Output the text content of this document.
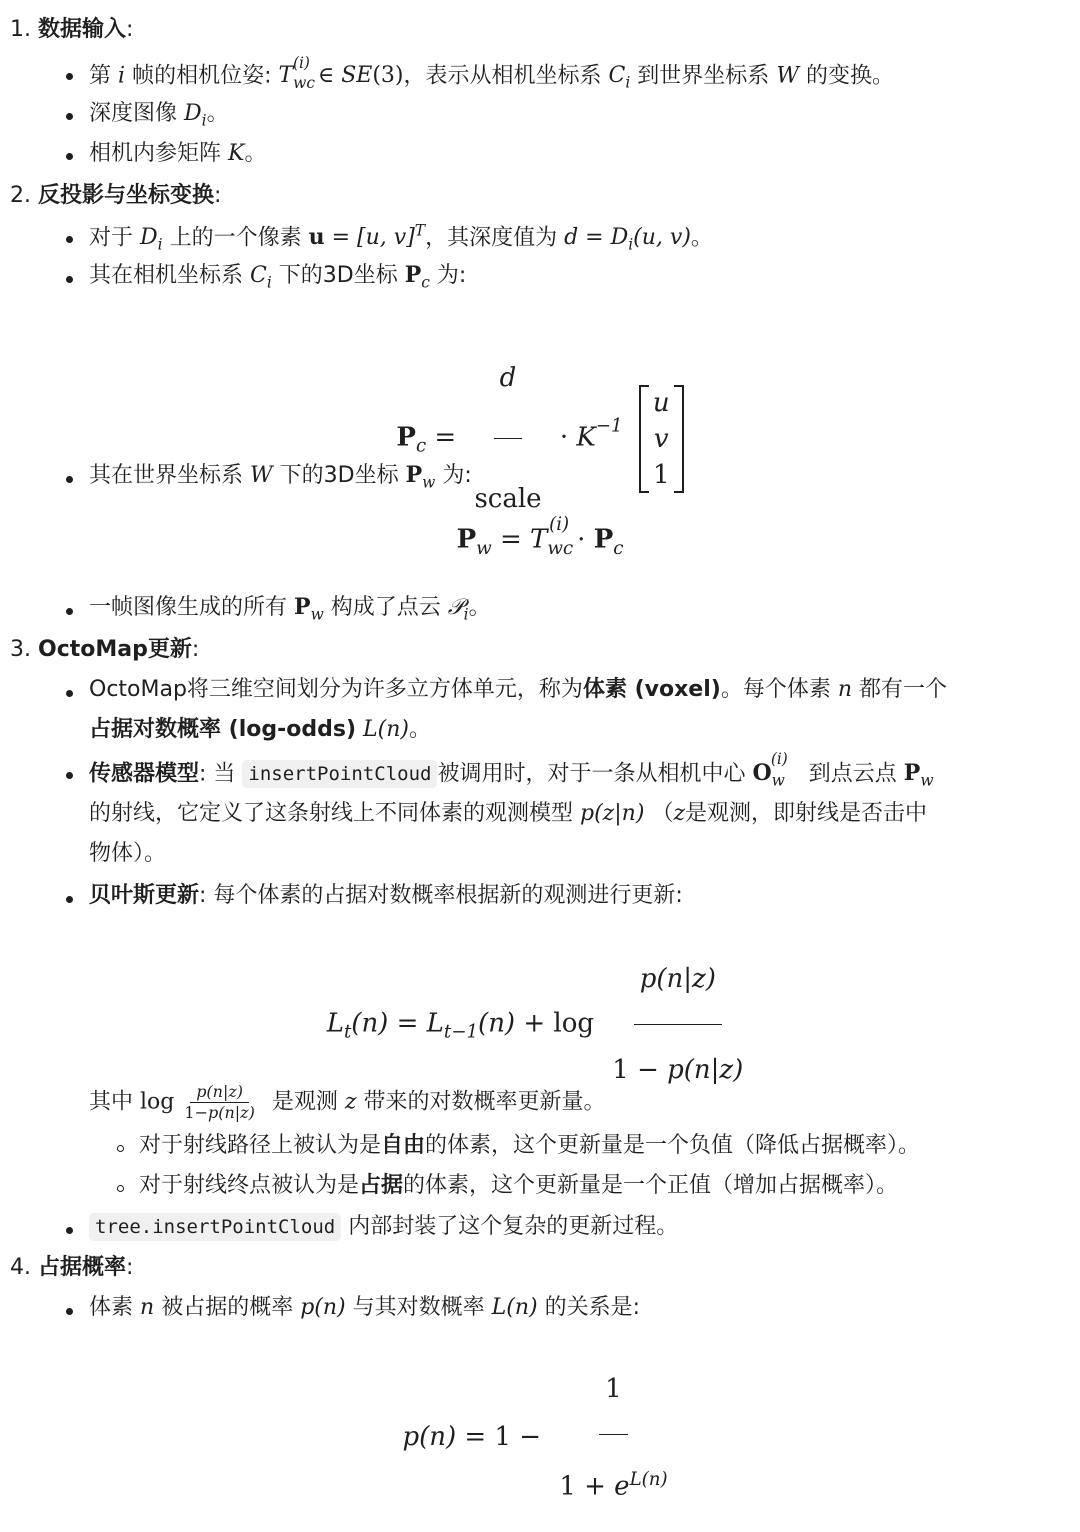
1. 数据输入:
第 i 帧的相机位姿: $T_{wc}^{(i)}\in$ SE(3)，表示从相机坐标系 $C_i$ 到世界坐标系 W 的变换。
深度图像 $D_i$。
相机内参矩阵 K。
2. 反投影与坐标变换:
对于 $D_i$ 上的一个像素 u = [u, v]$^T$，其深度值为 $d = D_i(u$, v)。
其在相机坐标系 $C_i$ 下的3D坐标 $P_c$ 为:
$P_c = \frac{d}{\text{scale}} \cdot K^{-1}$
u
v
1
其在世界坐标系 W 下的3D坐标 $P_w$ 为:
$P_w = T_{wc}^{(i)}\cdot P_c$
一帧图像生成的所有 $P_w$ 构成了点云 𝒫$_i$。
3. OctoMap更新:
OctoMap将三维空间划分为许多立方体单元，称为体素 (voxel)。每个体素 n 都有一个
占据对数概率 (log-odds) L(n)。
传感器模型: 当 insertPointCloud 被调用时，对于一条从相机中心 $O_w^{(i)}$ 到点云点 $P_w$
的射线，它定义了这条射线上不同体素的观测模型 p(z|n) （z是观测，即射线是否击中
物体）。
贝叶斯更新: 每个体素的占据对数概率根据新的观测进行更新:
$L_t(n) = L_{t-1}(n) + \log \frac{p(n|z)}{1 - p(n|z)}$
其中 $\log \frac{p(n|z)}{1-p(n|z)}$ 是观测 z 带来的对数概率更新量。
对于射线路径上被认为是自由的体素，这个更新量是一个负值（降低占据概率）。
对于射线终点被认为是占据的体素，这个更新量是一个正值（增加占据概率）。
tree.insertPointCloud 内部封装了这个复杂的更新过程。
4. 占据概率:
体素 n 被占据的概率 p(n) 与其对数概率 L(n) 的关系是:
$p(n) = 1 - \frac{1}{1 + e^{L(n)}}$
